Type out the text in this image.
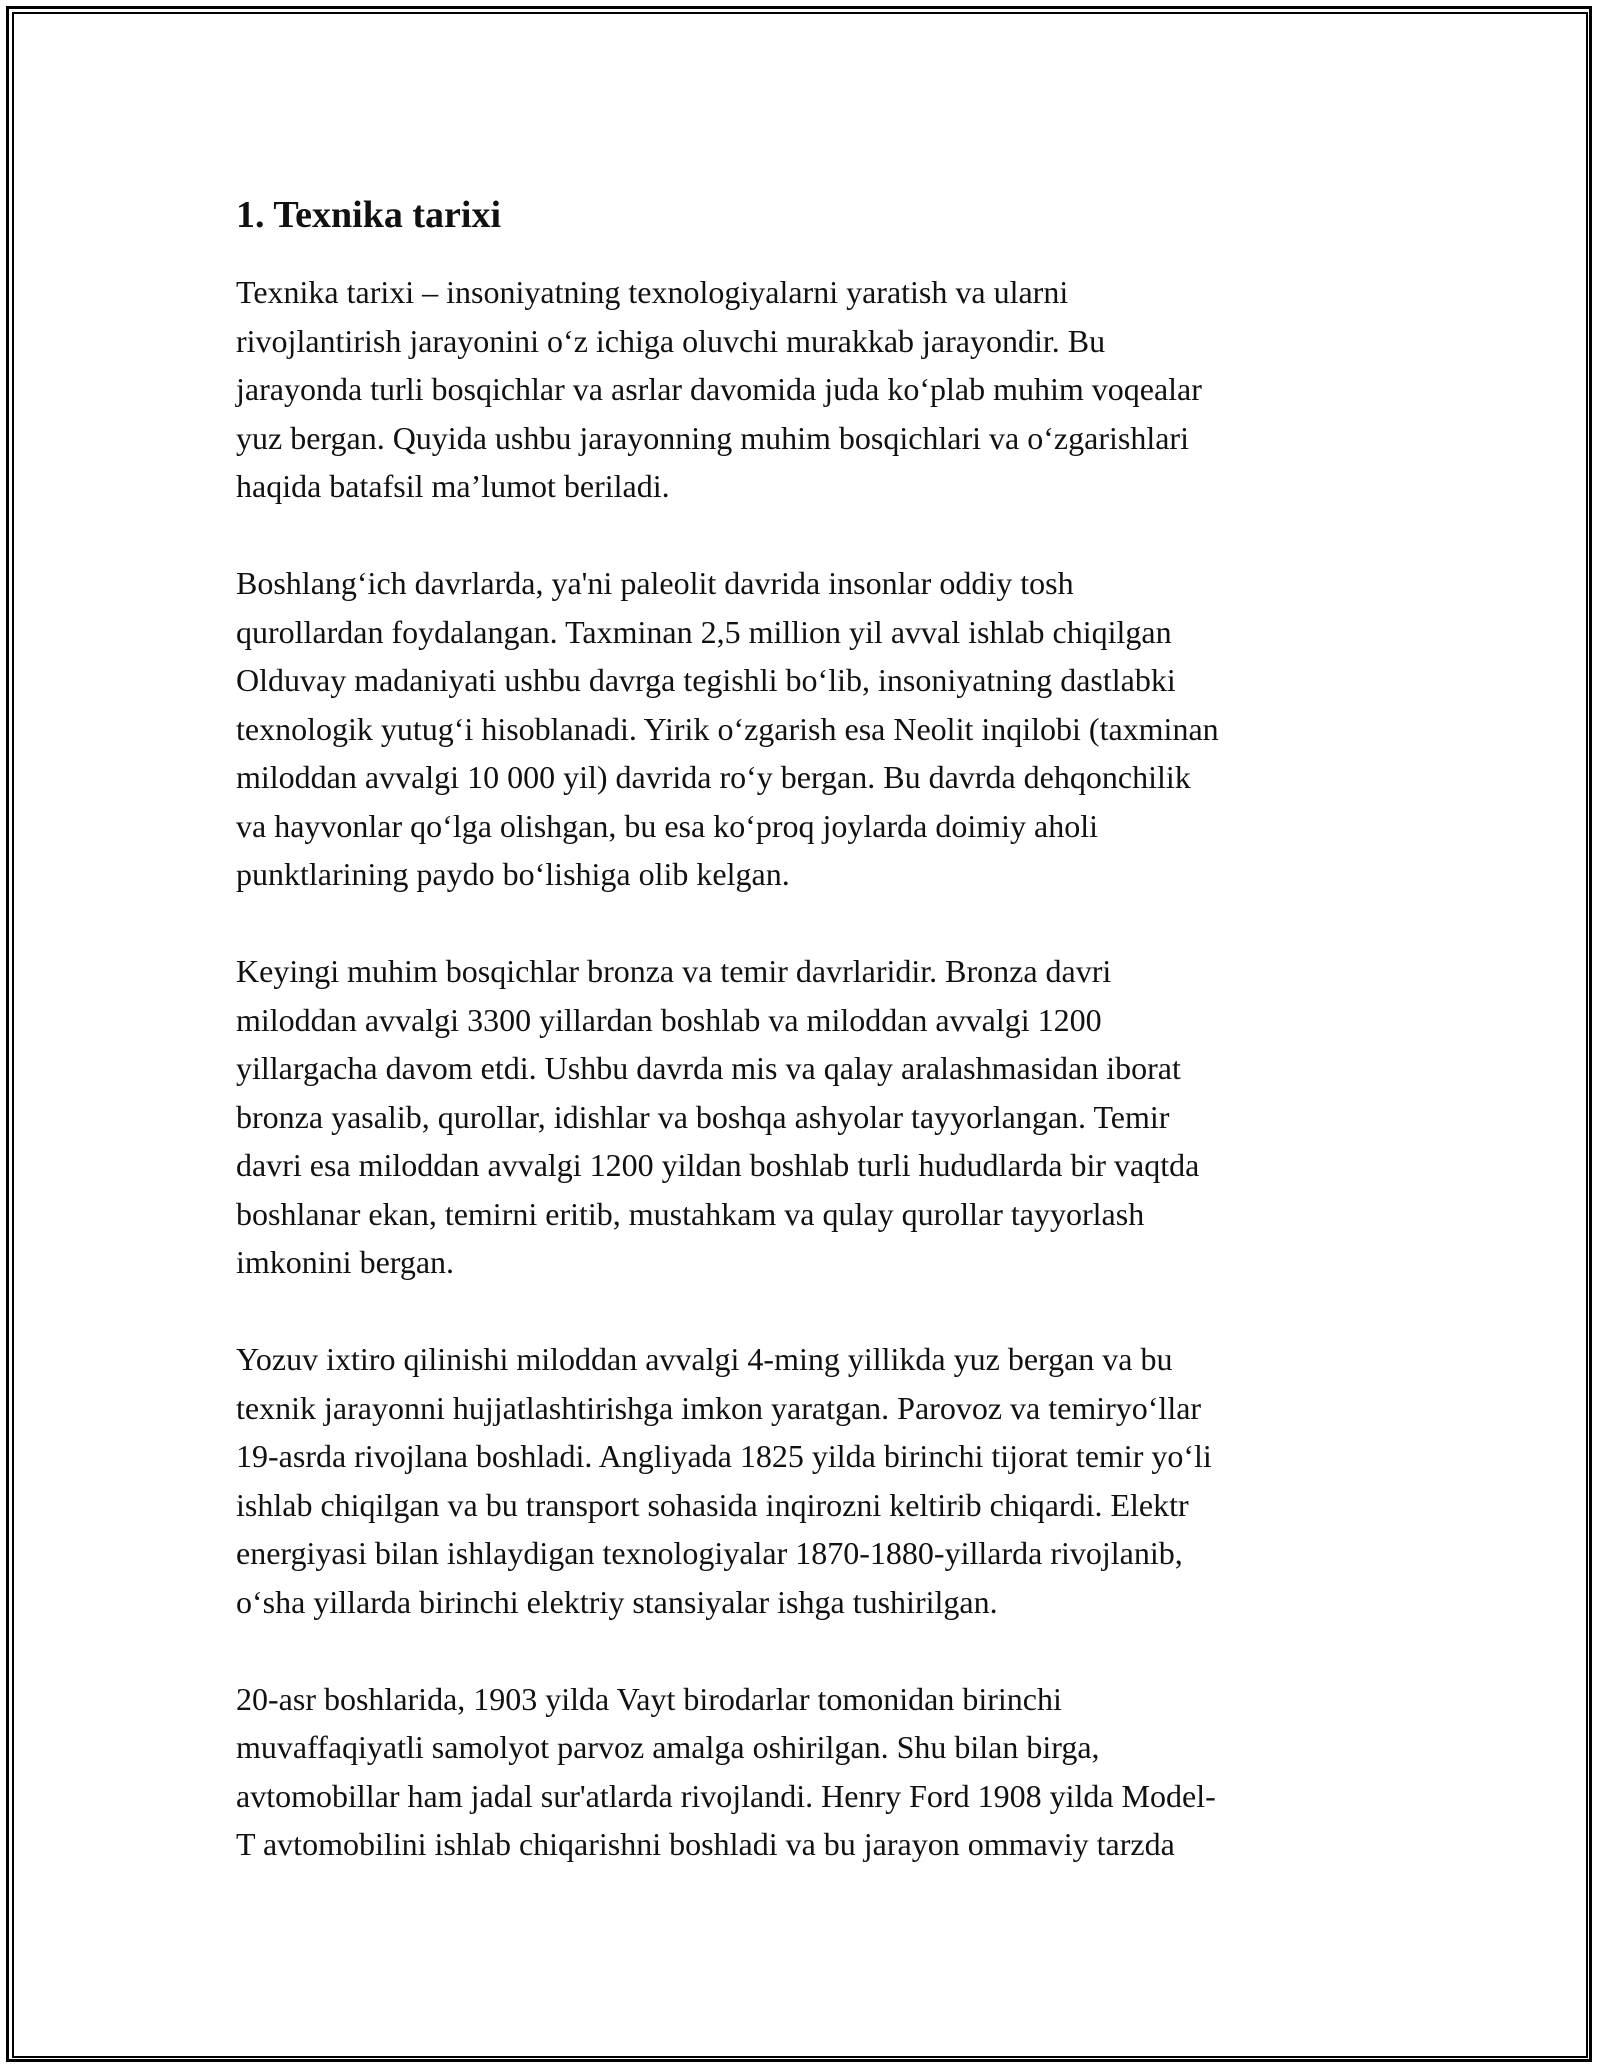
1. Texnika tarixi

Texnika tarixi – insoniyatning texnologiyalarni yaratish va ularni
rivojlantirish jarayonini o‘z ichiga oluvchi murakkab jarayondir. Bu
jarayonda turli bosqichlar va asrlar davomida juda ko‘plab muhim voqealar
yuz bergan. Quyida ushbu jarayonning muhim bosqichlari va o‘zgarishlari
haqida batafsil ma’lumot beriladi.

Boshlang‘ich davrlarda, ya'ni paleolit davrida insonlar oddiy tosh
qurollardan foydalangan. Taxminan 2,5 million yil avval ishlab chiqilgan
Olduvay madaniyati ushbu davrga tegishli bo‘lib, insoniyatning dastlabki
texnologik yutug‘i hisoblanadi. Yirik o‘zgarish esa Neolit inqilobi (taxminan
miloddan avvalgi 10 000 yil) davrida ro‘y bergan. Bu davrda dehqonchilik
va hayvonlar qo‘lga olishgan, bu esa ko‘proq joylarda doimiy aholi
punktlarining paydo bo‘lishiga olib kelgan.

Keyingi muhim bosqichlar bronza va temir davrlaridir. Bronza davri
miloddan avvalgi 3300 yillardan boshlab va miloddan avvalgi 1200
yillargacha davom etdi. Ushbu davrda mis va qalay aralashmasidan iborat
bronza yasalib, qurollar, idishlar va boshqa ashyolar tayyorlangan. Temir
davri esa miloddan avvalgi 1200 yildan boshlab turli hududlarda bir vaqtda
boshlanar ekan, temirni eritib, mustahkam va qulay qurollar tayyorlash
imkonini bergan.

Yozuv ixtiro qilinishi miloddan avvalgi 4-ming yillikda yuz bergan va bu
texnik jarayonni hujjatlashtirishga imkon yaratgan. Parovoz va temiryo‘llar
19-asrda rivojlana boshladi. Angliyada 1825 yilda birinchi tijorat temir yo‘li
ishlab chiqilgan va bu transport sohasida inqirozni keltirib chiqardi. Elektr
energiyasi bilan ishlaydigan texnologiyalar 1870-1880-yillarda rivojlanib,
o‘sha yillarda birinchi elektriy stansiyalar ishga tushirilgan.

20-asr boshlarida, 1903 yilda Vayt birodarlar tomonidan birinchi
muvaffaqiyatli samolyot parvoz amalga oshirilgan. Shu bilan birga,
avtomobillar ham jadal sur'atlarda rivojlandi. Henry Ford 1908 yilda Model-
T avtomobilini ishlab chiqarishni boshladi va bu jarayon ommaviy tarzda
